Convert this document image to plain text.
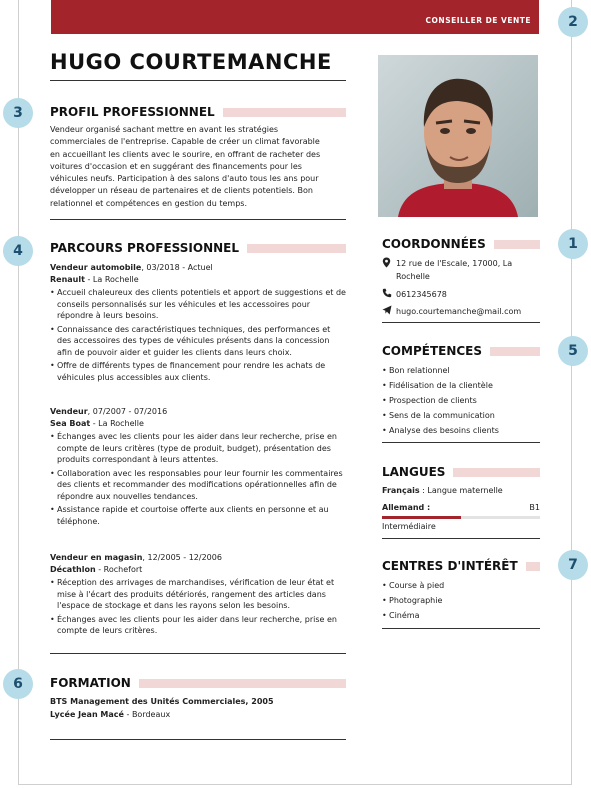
CONSEILLER DE VENTE
HUGO COURTEMANCHE
1
2
3
4
5
6
7
PROFIL PROFESSIONNEL
Vendeur organisé sachant mettre en avant les stratégies
commerciales de l'entreprise. Capable de créer un climat favorable
en accueillant les clients avec le sourire, en offrant de racheter des
voitures d'occasion et en suggérant des financements pour les
véhicules neufs. Participation à des salons d'auto tous les ans pour
développer un réseau de partenaires et de clients potentiels. Bon
relationnel et compétences en gestion du temps.
PARCOURS PROFESSIONNEL
Vendeur automobile, 03/2018 - Actuel
Renault - La Rochelle
• Accueil chaleureux des clients potentiels et apport de suggestions et de conseils personnalisés sur les véhicules et les accessoires pour répondre à leurs besoins.
• Connaissance des caractéristiques techniques, des performances et des accessoires des types de véhicules présents dans la concession afin de pouvoir aider et guider les clients dans leurs choix.
• Offre de différents types de financement pour rendre les achats de véhicules plus accessibles aux clients.
Vendeur, 07/2007 - 07/2016
Sea Boat - La Rochelle
• Échanges avec les clients pour les aider dans leur recherche, prise en compte de leurs critères (type de produit, budget), présentation des produits correspondant à leurs attentes.
• Collaboration avec les responsables pour leur fournir les commentaires des clients et recommander des modifications opérationnelles afin de répondre aux nouvelles tendances.
• Assistance rapide et courtoise offerte aux clients en personne et au téléphone.
Vendeur en magasin, 12/2005 - 12/2006
Décathlon - Rochefort
• Réception des arrivages de marchandises, vérification de leur état et mise à l'écart des produits détériorés, rangement des articles dans l'espace de stockage et dans les rayons selon les besoins.
• Échanges avec les clients pour les aider dans leur recherche, prise en compte de leurs critères.
FORMATION
BTS Management des Unités Commerciales, 2005
Lycée Jean Macé - Bordeaux
COORDONNÉES
12 rue de l'Escale, 17000, La Rochelle
0612345678
hugo.courtemanche@mail.com
COMPÉTENCES
• Bon relationnel
• Fidélisation de la clientèle
• Prospection de clients
• Sens de la communication
• Analyse des besoins clients
LANGUES
Français : Langue maternelle
Allemand :	B1
Intermédiaire
CENTRES D'INTÉRÊT
• Course à pied
• Photographie
• Cinéma
